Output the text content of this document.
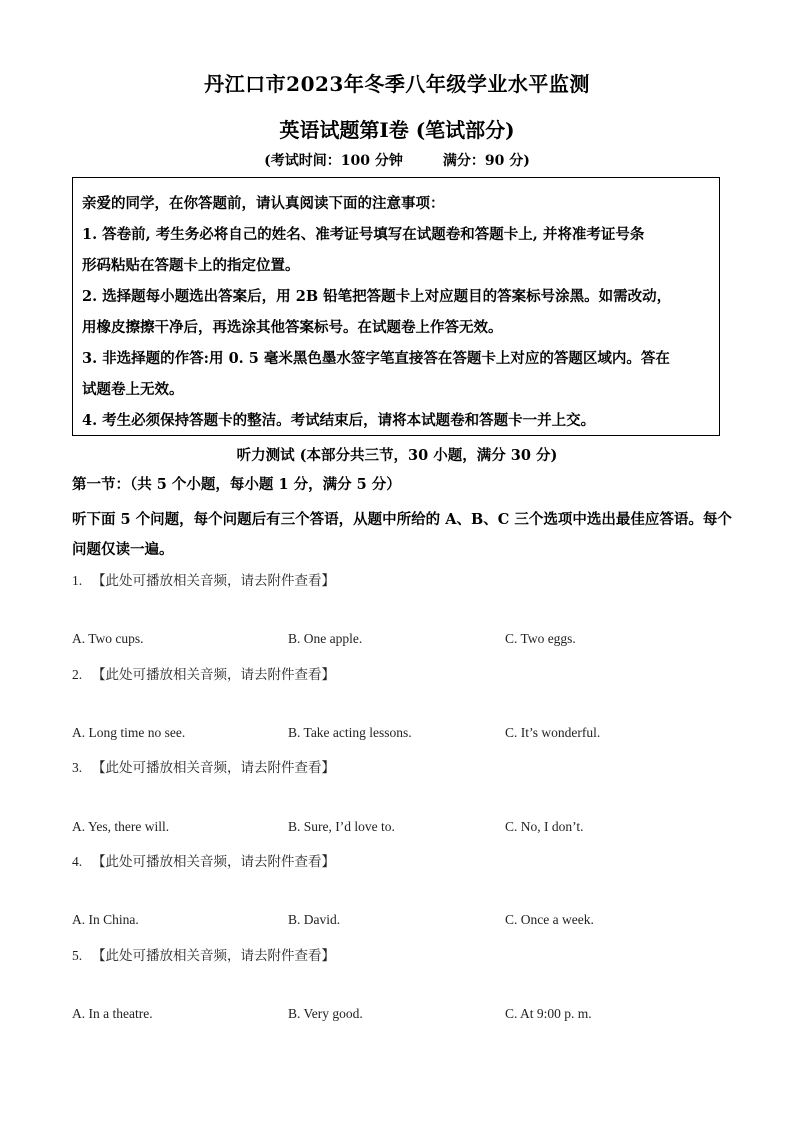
丹江口市2023年冬季八年级学业水平监测
英语试题第I卷 (笔试部分)
(考试时间：100 分钟	满分：90 分)

亲爱的同学，在你答题前，请认真阅读下面的注意事项：

1. 答卷前, 考生务必将自己的姓名、准考证号填写在试题卷和答题卡上, 并将准考证号条

形码粘贴在答题卡上的指定位置。

2. 选择题每小题选出答案后，用 2B 铅笔把答题卡上对应题目的答案标号涂黑。如需改动，

用橡皮擦擦干净后，再选涂其他答案标号。在试题卷上作答无效。

3. 非选择题的作答:用 0. 5 毫米黑色墨水签字笔直接答在答题卡上对应的答题区域内。答在

试题卷上无效。

4. 考生必须保持答题卡的整洁。考试结束后，请将本试题卷和答题卡一并上交。

听力测试 (本部分共三节，30 小题，满分 30 分)
第一节：（共 5 个小题，每小题 1 分，满分 5 分）
听下面 5 个问题，每个问题后有三个答语，从题中所给的 A、B、C 三个选项中选出最佳应答语。每个问题仅读一遍。
1. 【此处可播放相关音频，请去附件查看】
A. Two cups.	B. One apple.	C. Two eggs.
2. 【此处可播放相关音频，请去附件查看】
A. Long time no see.	B. Take acting lessons.	C. It’s wonderful.
3. 【此处可播放相关音频，请去附件查看】
A. Yes, there will.	B. Sure, I’d love to.	C. No, I don’t.
4. 【此处可播放相关音频，请去附件查看】
A. In China.	B. David.	C. Once a week.
5. 【此处可播放相关音频，请去附件查看】
A. In a theatre.	B. Very good.	C. At 9:00 p. m.
